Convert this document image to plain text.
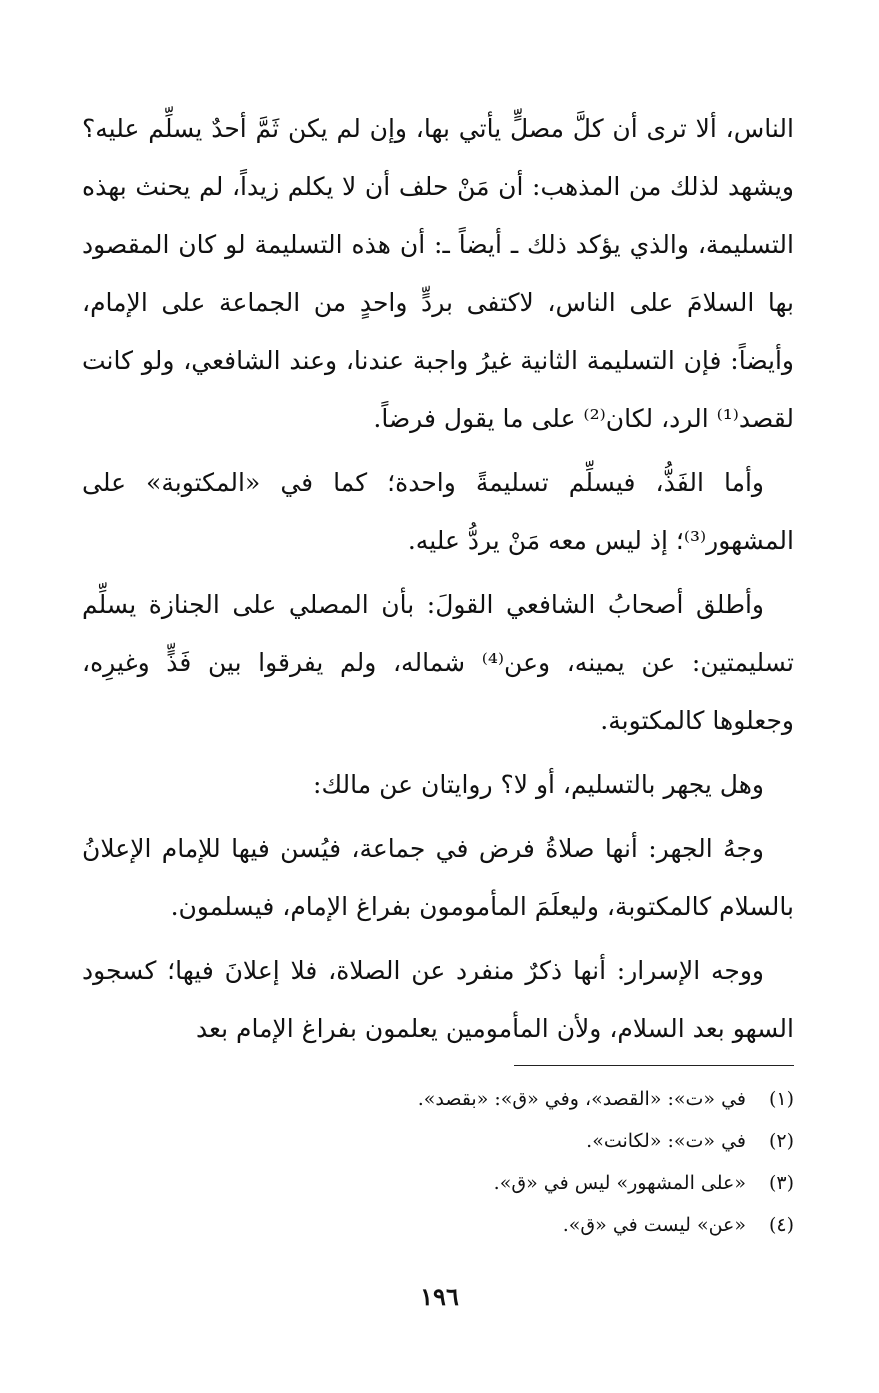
الناس، ألا ترى أن كلَّ مصلٍّ يأتي بها، وإن لم يكن ثَمَّ أحدٌ يسلِّم عليه؟ ويشهد لذلك من المذهب: أن مَنْ حلف أن لا يكلم زيداً، لم يحنث بهذه التسليمة، والذي يؤكد ذلك ـ أيضاً ـ: أن هذه التسليمة لو كان المقصود بها السلامَ على الناس، لاكتفى بردٍّ واحدٍ من الجماعة على الإمام، وأيضاً: فإن التسليمة الثانية غيرُ واجبة عندنا، وعند الشافعي، ولو كانت لقصد⁽¹⁾ الرد، لكان⁽²⁾ على ما يقول فرضاً.

وأما الفَذُّ، فيسلِّم تسليمةً واحدة؛ كما في «المكتوبة» على المشهور⁽³⁾؛ إذ ليس معه مَنْ يردُّ عليه.

وأطلق أصحابُ الشافعي القولَ: بأن المصلي على الجنازة يسلِّم تسليمتين: عن يمينه، وعن⁽⁴⁾ شماله، ولم يفرقوا بين فَذٍّ وغيرِه، وجعلوها كالمكتوبة.

وهل يجهر بالتسليم، أو لا؟ روايتان عن مالك:

وجهُ الجهر: أنها صلاةُ فرض في جماعة، فيُسن فيها للإمام الإعلانُ بالسلام كالمكتوبة، وليعلَمَ المأمومون بفراغ الإمام، فيسلمون.

ووجه الإسرار: أنها ذكرٌ منفرد عن الصلاة، فلا إعلانَ فيها؛ كسجود السهو بعد السلام، ولأن المأمومين يعلمون بفراغ الإمام بعد

(١)في «ت»: «القصد»، وفي «ق»: «بقصد».
(٢)في «ت»: «لكانت».
(٣)«على المشهور» ليس في «ق».
(٤)«عن» ليست في «ق».
١٩٦
